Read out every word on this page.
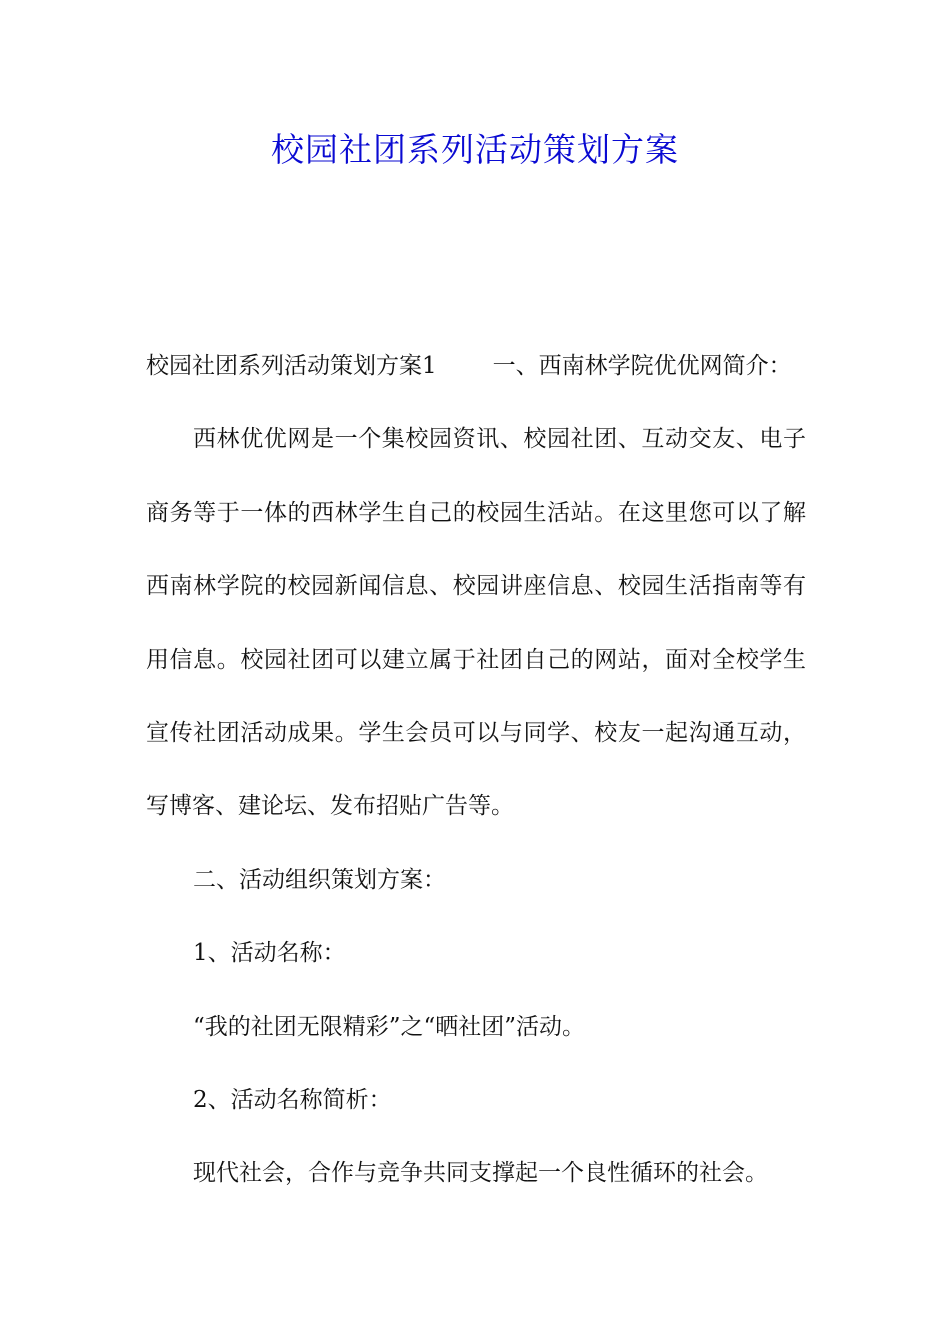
校园社团系列活动策划方案

校园社团系列活动策划方案1 一、西南林学院优优网简介：

西林优优网是一个集校园资讯、校园社团、互动交友、电子商务等于一体的西林学生自己的校园生活站。在这里您可以了解西南林学院的校园新闻信息、校园讲座信息、校园生活指南等有用信息。校园社团可以建立属于社团自己的网站，面对全校学生宣传社团活动成果。学生会员可以与同学、校友一起沟通互动，写博客、建论坛、发布招贴广告等。

二、活动组织策划方案：

1、活动名称：

“我的社团无限精彩”之“晒社团”活动。

2、活动名称简析：

现代社会，合作与竞争共同支撑起一个良性循环的社会。
